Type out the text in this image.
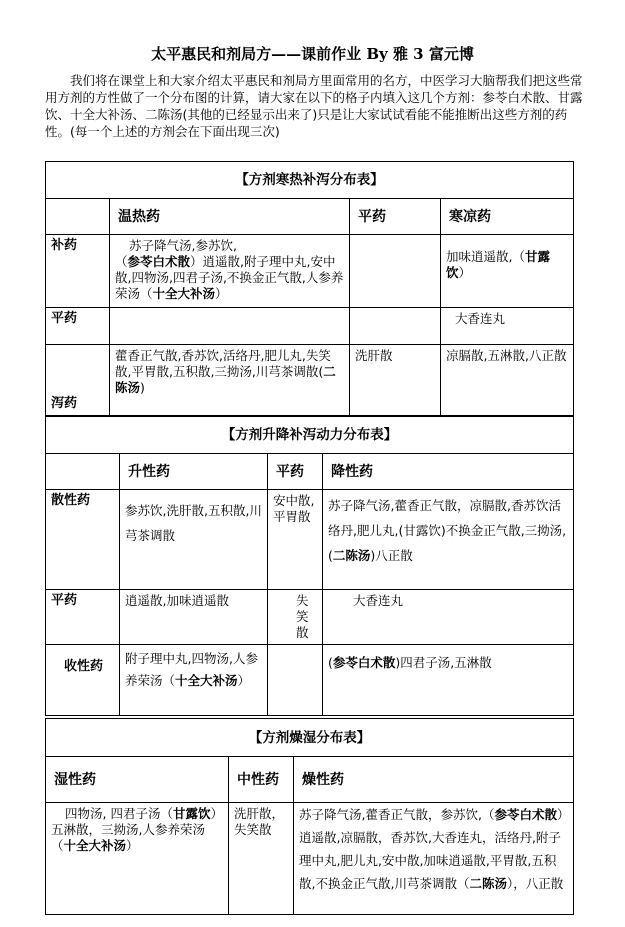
太平惠民和剂局方——课前作业 By 雅 3 富元博

我们将在课堂上和大家介绍太平惠民和剂局方里面常用的名方，中医学习大脑帮我们把这些常用方剂的方性做了一个分布图的计算，请大家在以下的格子内填入这几个方剂：参苓白术散、甘露饮、十全大补汤、二陈汤(其他的已经显示出来了)只是让大家试试看能不能推断出这些方剂的药性。(每一个上述的方剂会在下面出现三次)

【方剂寒热补泻分布表】			
	温热药	平药	寒凉药
补药	苏子降气汤,参苏饮,
（参苓白术散）逍遥散,附子理中丸,安中散,四物汤,四君子汤,不换金正气散,人参养荣汤（十全大补汤）		加味逍遥散,（甘露饮）
平药			大香连丸
泻药	藿香正气散,香苏饮,活络丹,肥儿丸,失笑散,平胃散,五积散,三拗汤,川芎茶调散(二陈汤)	洗肝散	凉膈散,五淋散,八正散
【方剂升降补泻动力分布表】			
	升性药	平药	降性药
散性药	参苏饮,洗肝散,五积散,川芎茶调散	安中散,平胃散	苏子降气汤,藿香正气散，凉膈散,香苏饮活络丹,肥儿丸,(甘露饮)不换金正气散,三拗汤,(二陈汤)八正散
平药	逍遥散,加味逍遥散	失笑散	大香连丸
收性药	附子理中丸,四物汤,人参养荣汤（十全大补汤）		(参苓白术散)四君子汤,五淋散
【方剂燥湿分布表】		
湿性药	中性药	燥性药
四物汤, 四君子汤（甘露饮）五淋散，三拗汤,人参养荣汤（十全大补汤）	洗肝散，失笑散	苏子降气汤,藿香正气散，参苏饮,（参苓白术散）逍遥散,凉膈散，香苏饮,大香连丸，活络丹,附子理中丸,肥儿丸,安中散,加味逍遥散,平胃散,五积散,不换金正气散,川芎茶调散（二陈汤），八正散
